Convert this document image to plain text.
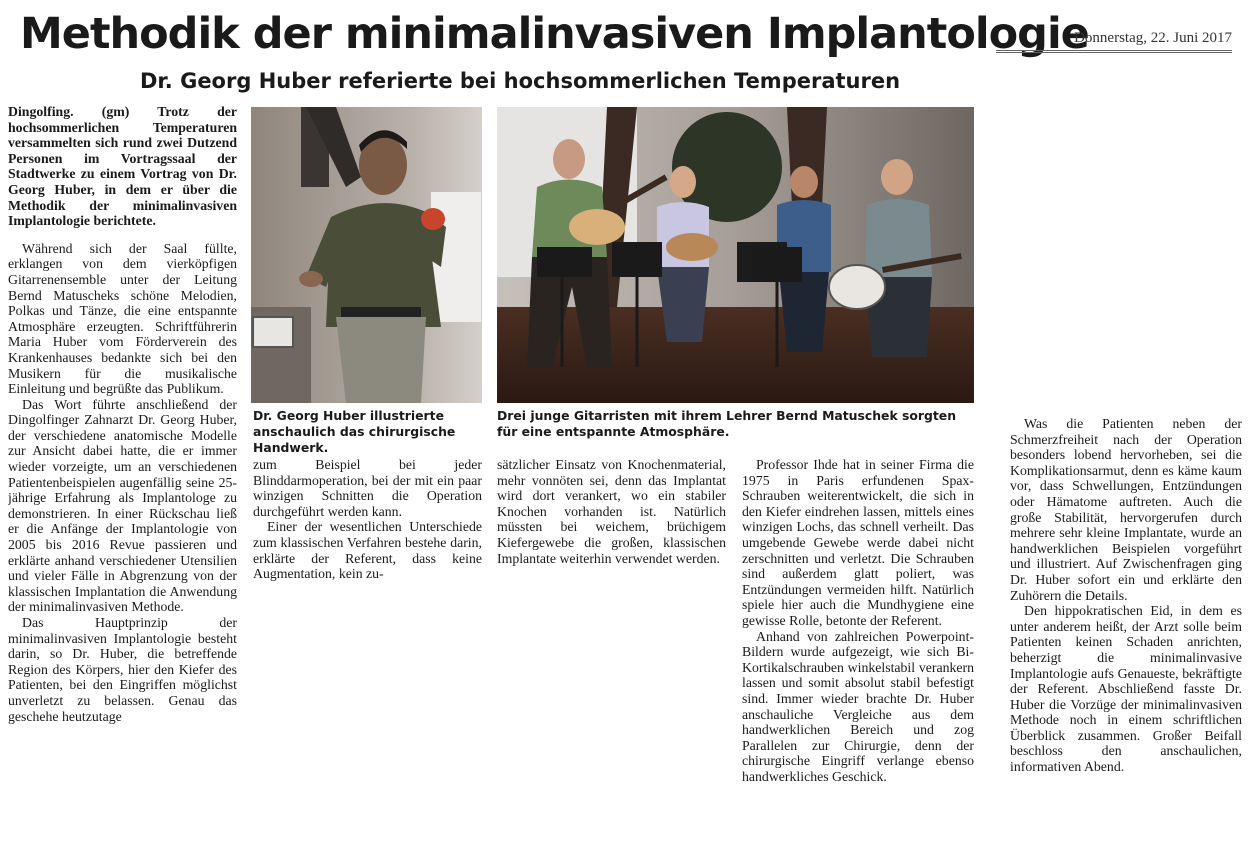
Methodik der minimalinvasiven Implantologie
Donnerstag, 22. Juni 2017
Dr. Georg Huber referierte bei hochsommerlichen Temperaturen

Dingolfing. (gm) Trotz der hochsommerlichen Temperaturen versammelten sich rund zwei Dutzend Personen im Vortragssaal der Stadtwerke zu einem Vortrag von Dr. Georg Huber, in dem er über die Methodik der minimalinvasiven Implantologie berichtete.

Während sich der Saal füllte, erklangen von dem vierköpfigen Gitarrenensemble unter der Leitung Bernd Matuscheks schöne Melodien, Polkas und Tänze, die eine entspannte Atmosphäre erzeugten. Schriftführerin Maria Huber vom Förderverein des Krankenhauses bedankte sich bei den Musikern für die musikalische Einleitung und begrüßte das Publikum.

Das Wort führte anschließend der Dingolfinger Zahnarzt Dr. Georg Huber, der verschiedene anatomische Modelle zur Ansicht dabei hatte, die er immer wieder vorzeigte, um an verschiedenen Patientenbeispielen augenfällig seine 25-jährige Erfahrung als Implantologe zu demonstrieren. In einer Rückschau ließ er die Anfänge der Implantologie von 2005 bis 2016 Revue passieren und erklärte anhand verschiedener Utensilien und vieler Fälle in Abgrenzung von der klassischen Implantation die Anwendung der minimalinvasiven Methode.

Das Hauptprinzip der minimalinvasiven Implantologie besteht darin, so Dr. Huber, die betreffende Region des Körpers, hier den Kiefer des Patienten, bei den Eingriffen möglichst unverletzt zu belassen. Genau das geschehe heutzutage

Dr. Georg Huber illustrierte anschaulich das chirurgische Handwerk.
Drei junge Gitarristen mit ihrem Lehrer Bernd Matuschek sorgten für eine entspannte Atmosphäre.

zum Beispiel bei jeder Blinddarmoperation, bei der mit ein paar winzigen Schnitten die Operation durchgeführt werden kann.

Einer der wesentlichen Unterschiede zum klassischen Verfahren bestehe darin, erklärte der Referent, dass keine Augmentation, kein zu-

sätzlicher Einsatz von Knochenmaterial, mehr vonnöten sei, denn das Implantat wird dort verankert, wo ein stabiler Knochen vorhanden ist. Natürlich müssten bei weichem, brüchigem Kiefergewebe die großen, klassischen Implantate weiterhin verwendet werden.

Professor Ihde hat in seiner Firma die 1975 in Paris erfundenen Spax-Schrauben weiterentwickelt, die sich in den Kiefer eindrehen lassen, mittels eines winzigen Lochs, das schnell verheilt. Das umgebende Gewebe werde dabei nicht zerschnitten und verletzt. Die Schrauben sind außerdem glatt poliert, was Entzündungen vermeiden hilft. Natürlich spiele hier auch die Mundhygiene eine gewisse Rolle, betonte der Referent.

Anhand von zahlreichen Powerpoint-Bildern wurde aufgezeigt, wie sich Bi-Kortikalschrauben winkelstabil verankern lassen und somit absolut stabil befestigt sind. Immer wieder brachte Dr. Huber anschauliche Vergleiche aus dem handwerklichen Bereich und zog Parallelen zur Chirurgie, denn der chirurgische Eingriff verlange ebenso handwerkliches Geschick.

Was die Patienten neben der Schmerzfreiheit nach der Operation besonders lobend hervorheben, sei die Komplikationsarmut, denn es käme kaum vor, dass Schwellungen, Entzündungen oder Hämatome auftreten. Auch die große Stabilität, hervorgerufen durch mehrere sehr kleine Implantate, wurde an handwerklichen Beispielen vorgeführt und illustriert. Auf Zwischenfragen ging Dr. Huber sofort ein und erklärte den Zuhörern die Details.

Den hippokratischen Eid, in dem es unter anderem heißt, der Arzt solle beim Patienten keinen Schaden anrichten, beherzigt die minimalinvasive Implantologie aufs Genaueste, bekräftigte der Referent. Abschließend fasste Dr. Huber die Vorzüge der minimalinvasiven Methode noch in einem schriftlichen Überblick zusammen. Großer Beifall beschloss den anschaulichen, informativen Abend.
